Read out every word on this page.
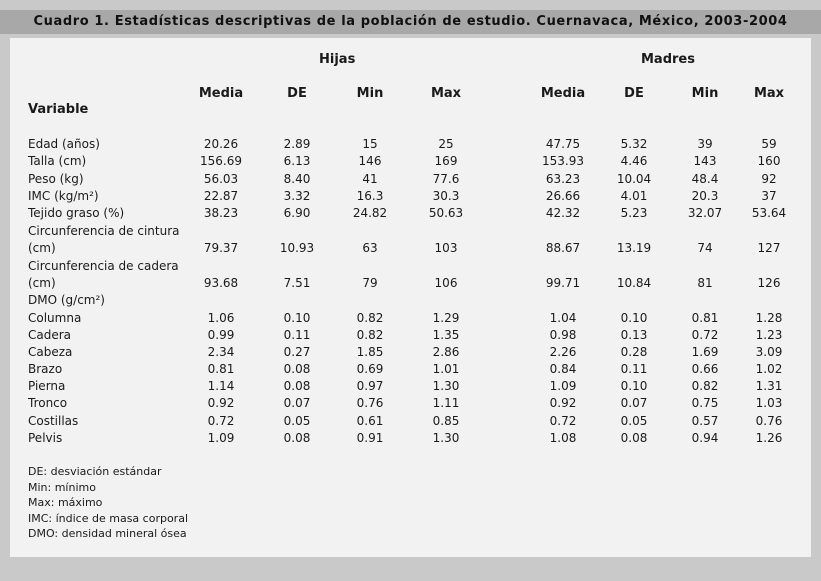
Cuadro 1. Estadísticas descriptivas de la población de estudio. Cuernavaca, México, 2003-2004
Hijas	Madres
Variable
Media	DE	Min	Max	Media	DE	Min	Max
Edad (años)	20.26	2.89	15	25	47.75	5.32	39	59
Talla (cm)	156.69	6.13	146	169	153.93	4.46	143	160
Peso (kg)	56.03	8.40	41	77.6	63.23	10.04	48.4	92
IMC (kg/m²)	22.87	3.32	16.3	30.3	26.66	4.01	20.3	37
Tejido graso (%)	38.23	6.90	24.82	50.63	42.32	5.23	32.07	53.64
Circunferencia de cintura
(cm)	79.37	10.93	63	103	88.67	13.19	74	127
Circunferencia de cadera
(cm)	93.68	7.51	79	106	99.71	10.84	81	126
DMO (g/cm²)
Columna	1.06	0.10	0.82	1.29	1.04	0.10	0.81	1.28
Cadera	0.99	0.11	0.82	1.35	0.98	0.13	0.72	1.23
Cabeza	2.34	0.27	1.85	2.86	2.26	0.28	1.69	3.09
Brazo	0.81	0.08	0.69	1.01	0.84	0.11	0.66	1.02
Pierna	1.14	0.08	0.97	1.30	1.09	0.10	0.82	1.31
Tronco	0.92	0.07	0.76	1.11	0.92	0.07	0.75	1.03
Costillas	0.72	0.05	0.61	0.85	0.72	0.05	0.57	0.76
Pelvis	1.09	0.08	0.91	1.30	1.08	0.08	0.94	1.26
DE: desviación estándar
Min: mínimo
Max: máximo
IMC: índice de masa corporal
DMO: densidad mineral ósea
